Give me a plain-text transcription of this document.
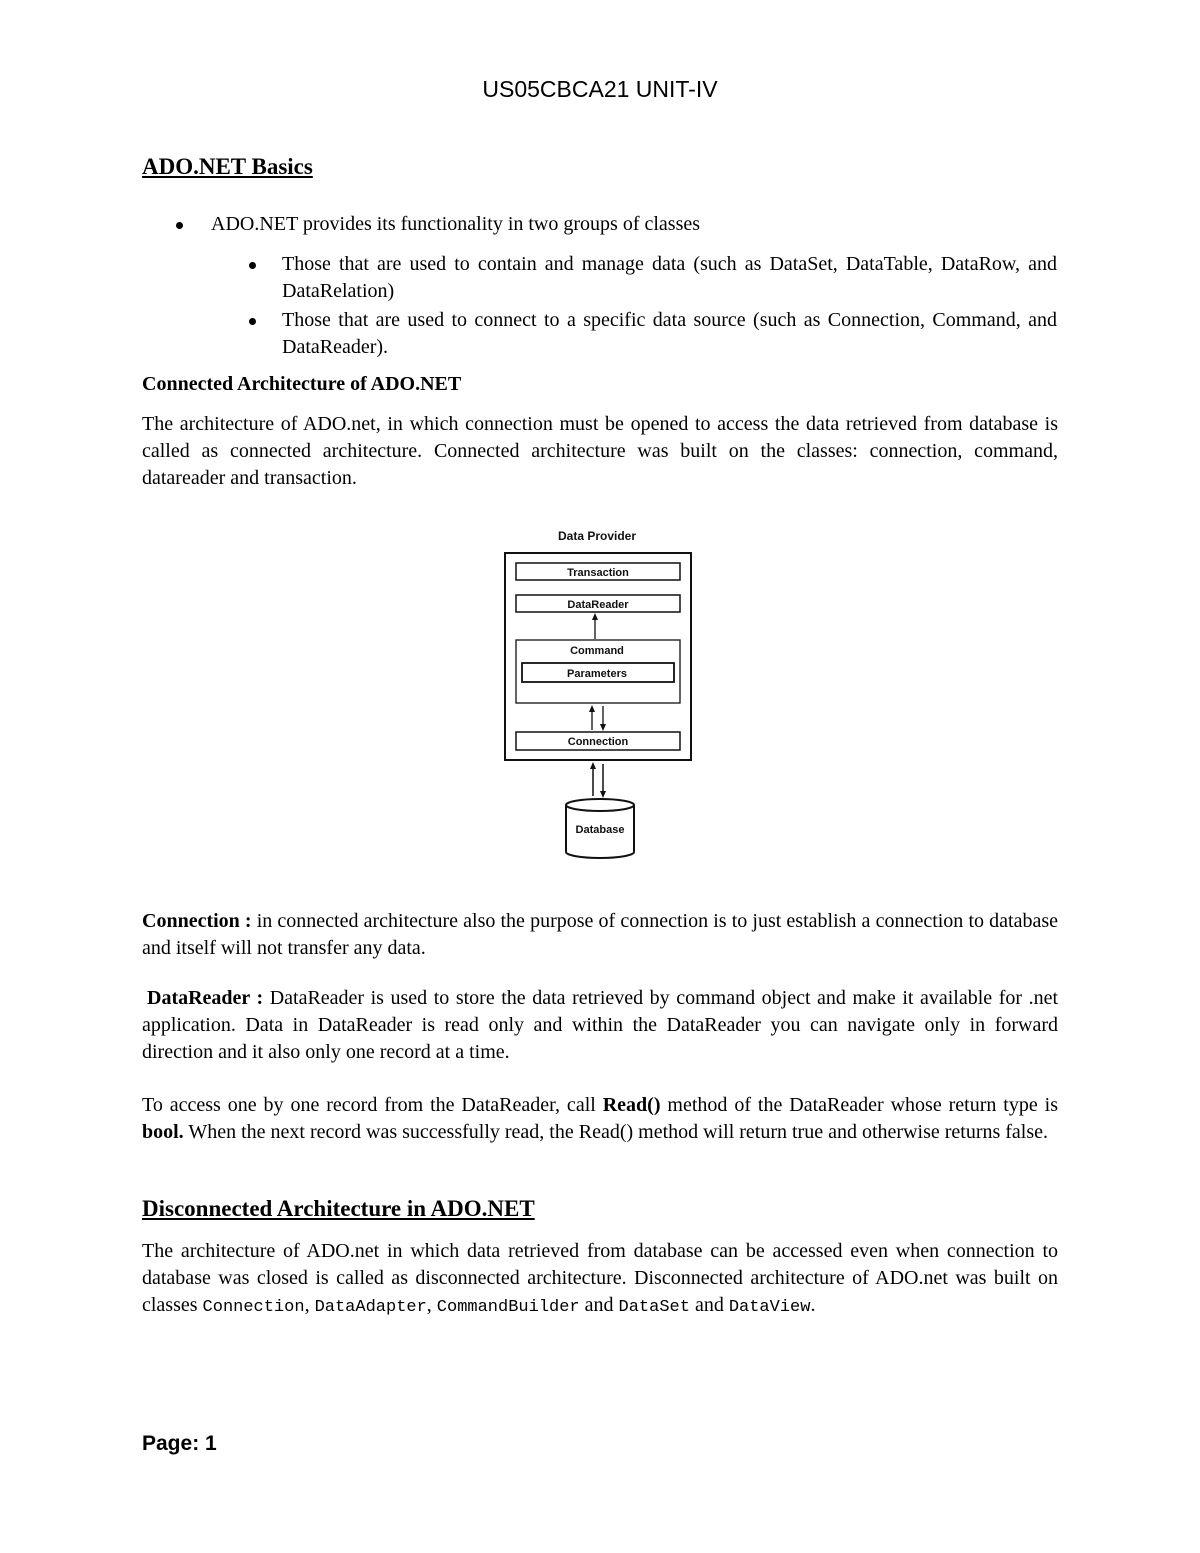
US05CBCA21 UNIT-IV
ADO.NET Basics
ADO.NET provides its functionality in two groups of classes
Those that are used to contain and manage data (such as DataSet, DataTable, DataRow, and DataRelation)
Those that are used to connect to a specific data source (such as Connection, Command, and DataReader).
Connected Architecture of ADO.NET
The architecture of ADO.net, in which connection must be opened to access the data retrieved from database is called as connected architecture. Connected architecture was built on the classes: connection, command, datareader and transaction.
Data Provider
Transaction
DataReader
Command
Parameters
Connection
Database
Connection : in connected architecture also the purpose of connection is to just establish a connection to database and itself will not transfer any data.
DataReader : DataReader is used to store the data retrieved by command object and make it available for .net application. Data in DataReader is read only and within the DataReader you can navigate only in forward direction and it also only one record at a time.
To access one by one record from the DataReader, call Read() method of the DataReader whose return type is bool. When the next record was successfully read, the Read() method will return true and otherwise returns false.
Disconnected Architecture in ADO.NET
The architecture of ADO.net in which data retrieved from database can be accessed even when connection to database was closed is called as disconnected architecture. Disconnected architecture of ADO.net was built on classes Connection, DataAdapter, CommandBuilder and DataSet and DataView.
Page: 1
